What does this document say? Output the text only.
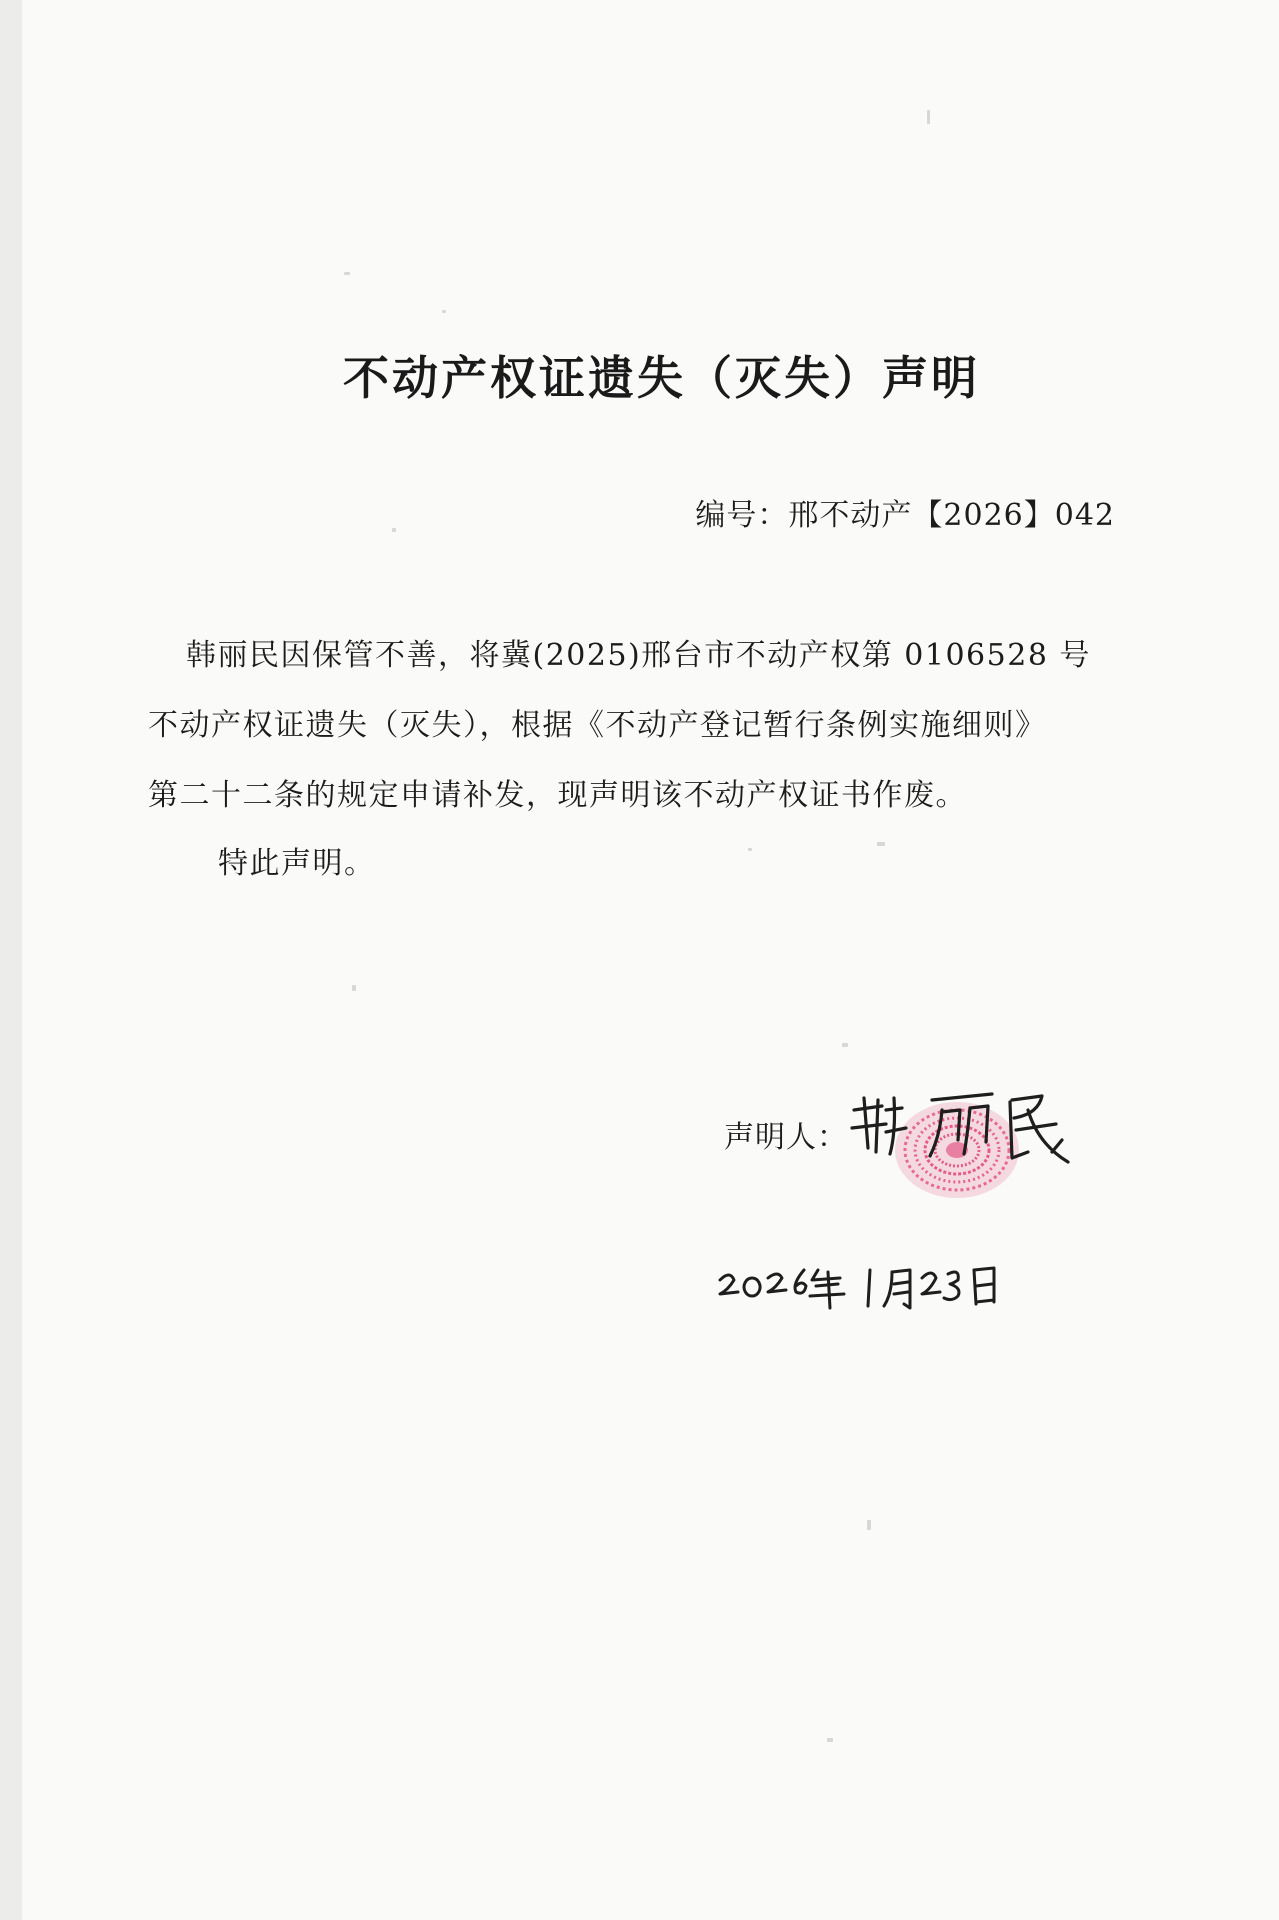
不动产权证遗失（灭失）声明
编号：邢不动产【2026】042
韩丽民因保管不善，将冀(2025)邢台市不动产权第 0106528 号
不动产权证遗失（灭失），根据《不动产登记暂行条例实施细则》
第二十二条的规定申请补发，现声明该不动产权证书作废。
特此声明。
声明人：
